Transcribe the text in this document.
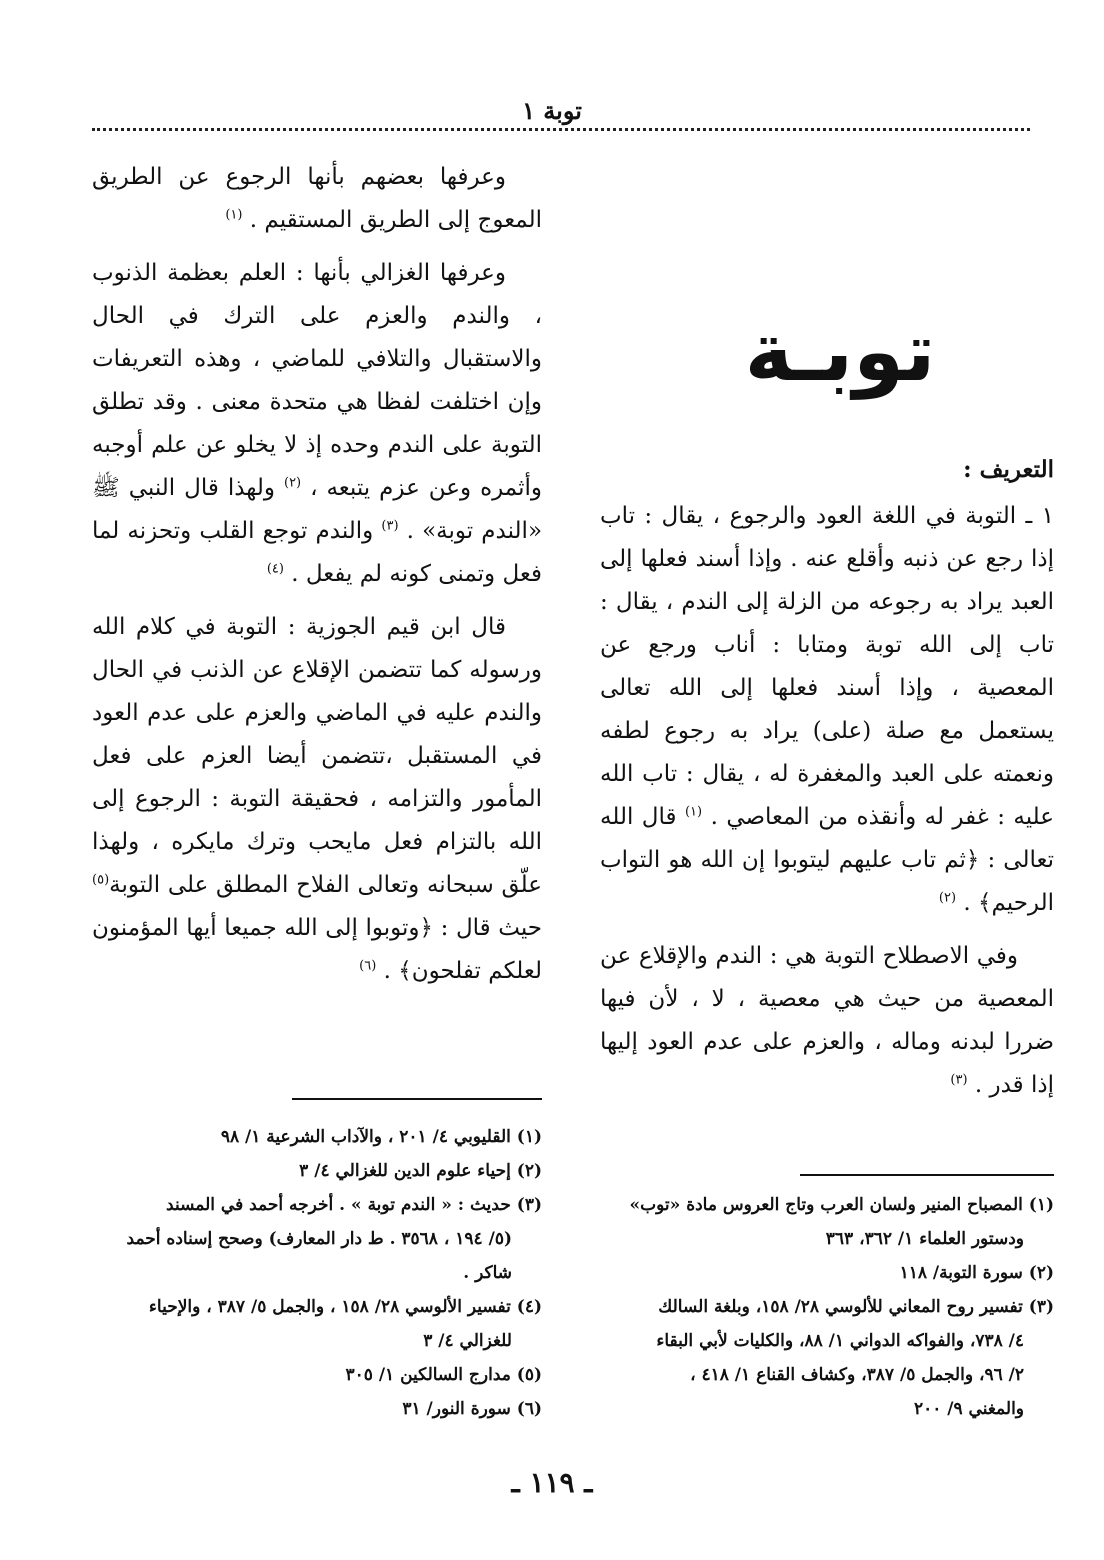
توبة ١
توبـة
التعريف :

١ ـ التوبة في اللغة العود والرجوع ، يقال : تاب إذا رجع عن ذنبه وأقلع عنه . وإذا أسند فعلها إلى العبد يراد به رجوعه من الزلة إلى الندم ، يقال : تاب إلى الله توبة ومتابا : أناب ورجع عن المعصية ، وإذا أسند فعلها إلى الله تعالى يستعمل مع صلة (على) يراد به رجوع لطفه ونعمته على العبد والمغفرة له ، يقال : تاب الله عليه : غفر له وأنقذه من المعاصي . $^{(١)}$ قال الله تعالى : ﴿ثم تاب عليهم ليتوبوا إن الله هو التواب الرحيم﴾ . $^{(٢)}$

وفي الاصطلاح التوبة هي : الندم والإقلاع عن المعصية من حيث هي معصية ، لا ، لأن فيها ضررا لبدنه وماله ، والعزم على عدم العود إليها إذا قدر . $^{(٣)}$

(١) المصباح المنير ولسان العرب وتاج العروس مادة «توب»

ودستور العلماء ١/ ٣٦٢، ٣٦٣

(٢) سورة التوبة/ ١١٨

(٣) تفسير روح المعاني للألوسي ٢٨/ ١٥٨، وبلغة السالك

٤/ ٧٣٨، والفواكه الدواني ١/ ٨٨، والكليات لأبي البقاء

٢/ ٩٦، والجمل ٥/ ٣٨٧، وكشاف القناع ١/ ٤١٨ ،

والمغني ٩/ ٢٠٠

وعرفها بعضهم بأنها الرجوع عن الطريق المعوج إلى الطريق المستقيم . $^{(١)}$

وعرفها الغزالي بأنها : العلم بعظمة الذنوب ، والندم والعزم على الترك في الحال والاستقبال والتلافي للماضي ، وهذه التعريفات وإن اختلفت لفظا هي متحدة معنى . وقد تطلق التوبة على الندم وحده إذ لا يخلو عن علم أوجبه وأثمره وعن عزم يتبعه ، $^{(٢)}$ ولهذا قال النبي ﷺ «الندم توبة» . $^{(٣)}$ والندم توجع القلب وتحزنه لما فعل وتمنى كونه لم يفعل . $^{(٤)}$

قال ابن قيم الجوزية : التوبة في كلام الله ورسوله كما تتضمن الإقلاع عن الذنب في الحال والندم عليه في الماضي والعزم على عدم العود في المستقبل ،تتضمن أيضا العزم على فعل المأمور والتزامه ، فحقيقة التوبة : الرجوع إلى الله بالتزام فعل مايحب وترك مايكره ، ولهذا علّق سبحانه وتعالى الفلاح المطلق على التوبة$^{(٥)}$ حيث قال : ﴿وتوبوا إلى الله جميعا أيها المؤمنون لعلكم تفلحون﴾ . $^{(٦)}$

(١) القليوبي ٤/ ٢٠١ ، والآداب الشرعية ١/ ٩٨

(٢) إحياء علوم الدين للغزالي ٤/ ٣

(٣) حديث : « الندم توبة » . أخرجه أحمد في المسند

(٥/ ١٩٤ ، ٣٥٦٨ . ط دار المعارف) وصحح إسناده أحمد

شاكر .

(٤) تفسير الألوسي ٢٨/ ١٥٨ ، والجمل ٥/ ٣٨٧ ، والإحياء

للغزالي ٤/ ٣

(٥) مدارج السالكين ١/ ٣٠٥

(٦) سورة النور/ ٣١

ـ ١١٩ ـ
